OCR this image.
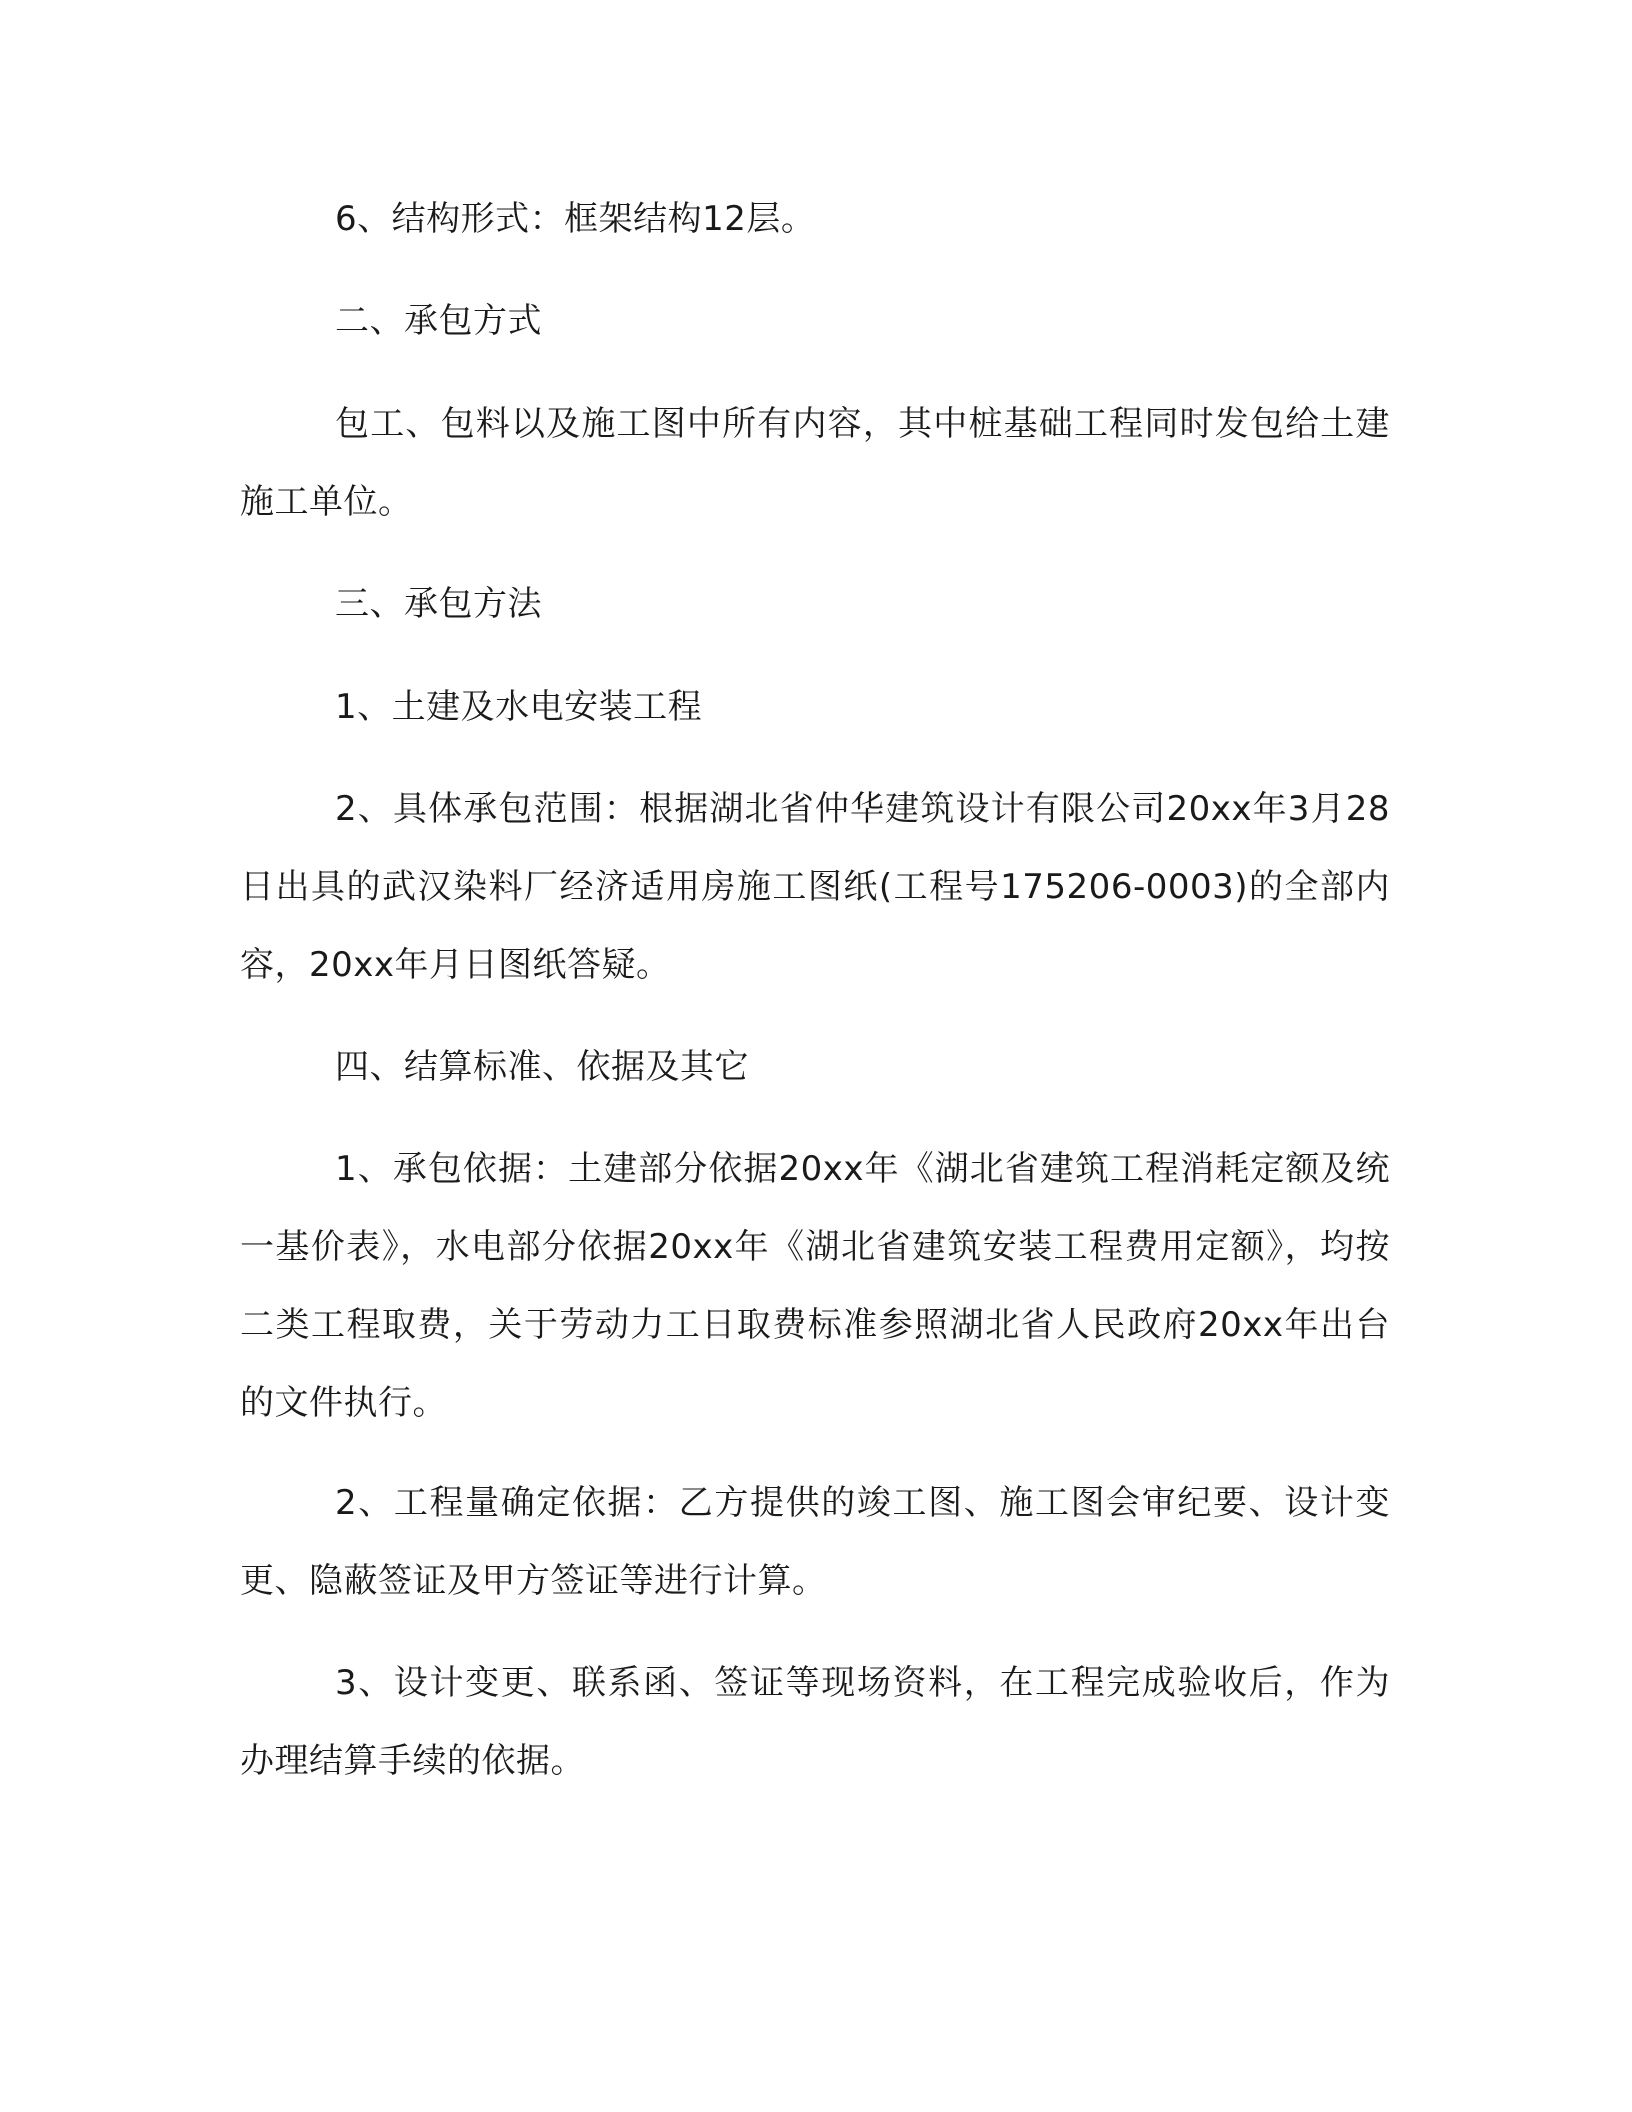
6、结构形式：框架结构12层。

二、承包方式

包工、包料以及施工图中所有内容，其中桩基础工程同时发包给土建施工单位。

三、承包方法

1、土建及水电安装工程

2、具体承包范围：根据湖北省仲华建筑设计有限公司20xx年3月28日出具的武汉染料厂经济适用房施工图纸(工程号175206-0003)的全部内容，20xx年月日图纸答疑。

四、结算标准、依据及其它

1、承包依据：土建部分依据20xx年《湖北省建筑工程消耗定额及统一基价表》，水电部分依据20xx年《湖北省建筑安装工程费用定额》，均按二类工程取费，关于劳动力工日取费标准参照湖北省人民政府20xx年出台的文件执行。

2、工程量确定依据：乙方提供的竣工图、施工图会审纪要、设计变更、隐蔽签证及甲方签证等进行计算。

3、设计变更、联系函、签证等现场资料，在工程完成验收后，作为办理结算手续的依据。
